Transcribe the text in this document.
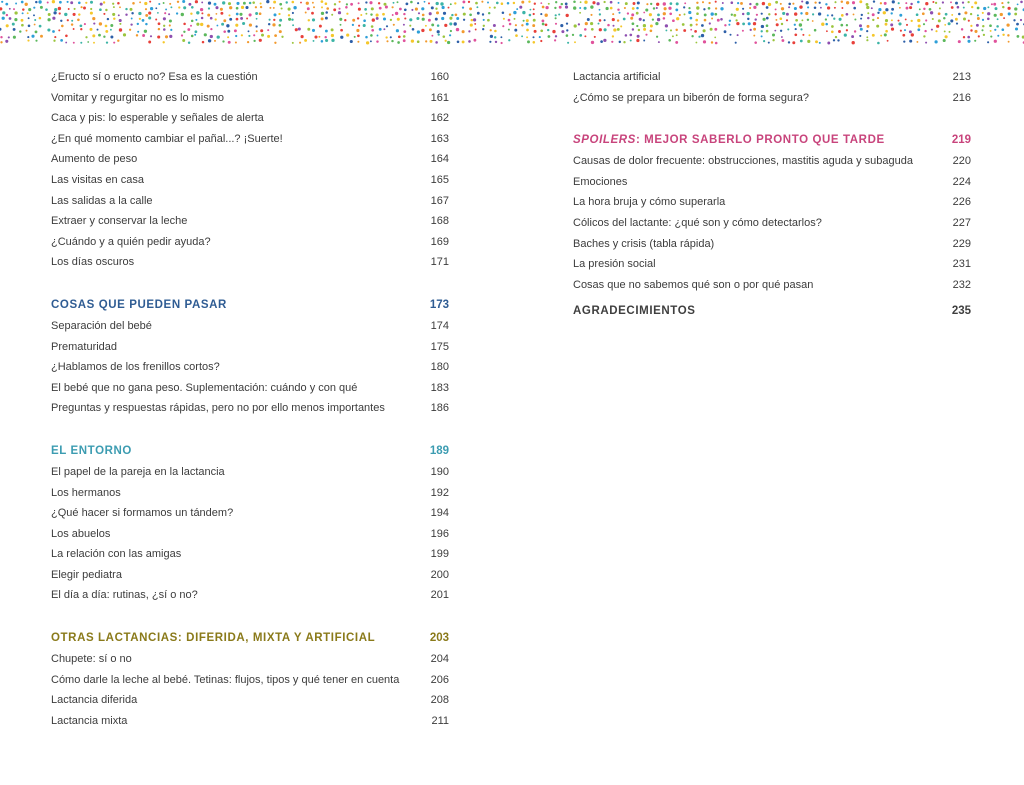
¿Eructo sí o eructo no? Esa es la cuestión	160
Vomitar y regurgitar no es lo mismo	161
Caca y pis: lo esperable y señales de alerta	162
¿En qué momento cambiar el pañal...? ¡Suerte!	163
Aumento de peso	164
Las visitas en casa	165
Las salidas a la calle	167
Extraer y conservar la leche	168
¿Cuándo y a quién pedir ayuda?	169
Los días oscuros	171
COSAS QUE PUEDEN PASAR	173
Separación del bebé	174
Prematuridad	175
¿Hablamos de los frenillos cortos?	180
El bebé que no gana peso. Suplementación: cuándo y con qué	183
Preguntas y respuestas rápidas, pero no por ello menos importantes	186
EL ENTORNO	189
El papel de la pareja en la lactancia	190
Los hermanos	192
¿Qué hacer si formamos un tándem?	194
Los abuelos	196
La relación con las amigas	199
Elegir pediatra	200
El día a día: rutinas, ¿sí o no?	201
OTRAS LACTANCIAS: DIFERIDA, MIXTA Y ARTIFICIAL	203
Chupete: sí o no	204
Cómo darle la leche al bebé. Tetinas: flujos, tipos y qué tener en cuenta	206
Lactancia diferida	208
Lactancia mixta	211
Lactancia artificial	213
¿Cómo se prepara un biberón de forma segura?	216
SPOILERS: MEJOR SABERLO PRONTO QUE TARDE	219
Causas de dolor frecuente: obstrucciones, mastitis aguda y subaguda	220
Emociones	224
La hora bruja y cómo superarla	226
Cólicos del lactante: ¿qué son y cómo detectarlos?	227
Baches y crisis (tabla rápida)	229
La presión social	231
Cosas que no sabemos qué son o por qué pasan	232
AGRADECIMIENTOS	235
